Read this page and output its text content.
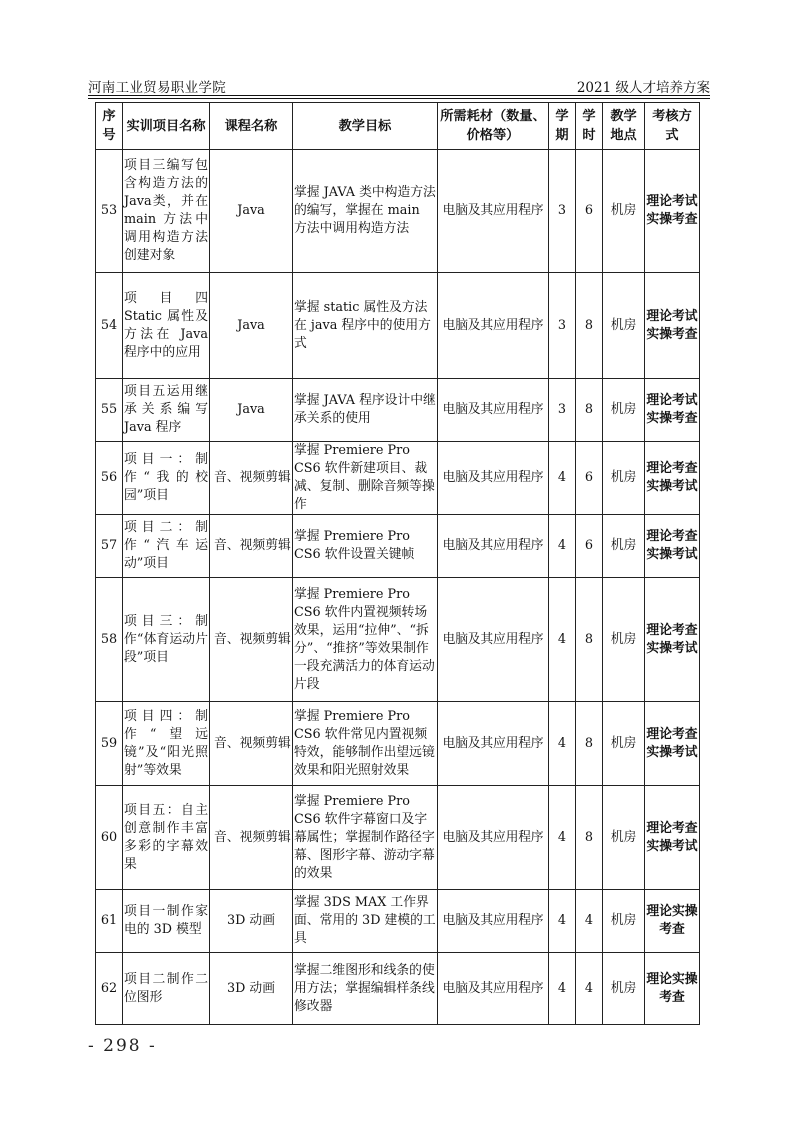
河南工业贸易职业学院	2021 级人才培养方案
序号	实训项目名称	课程名称	教学目标	所需耗材（数量、价格等）	学期	学时	教学地点	考核方式
53	项目三编写包含构造方法的Java类，并在main 方法中调用构造方法创建对象	Java	掌握 JAVA 类中构造方法的编写，掌握在 main 方法中调用构造方法	电脑及其应用程序	3	6	机房	理论考试实操考查
54	项 目 四 Static 属性及方法在 Java 程序中的应用	Java	掌握 static 属性及方法在 java 程序中的使用方式	电脑及其应用程序	3	8	机房	理论考试实操考查
55	项目五运用继承关系编写 Java 程序	Java	掌握 JAVA 程序设计中继承关系的使用	电脑及其应用程序	3	8	机房	理论考试实操考查
56	项目一：制作“我的校园”项目	音、视频剪辑	掌握 Premiere Pro CS6 软件新建项目、裁减、复制、删除音频等操作	电脑及其应用程序	4	6	机房	理论考查实操考试
57	项目二：制作“汽车运动”项目	音、视频剪辑	掌握 Premiere Pro CS6 软件设置关键帧	电脑及其应用程序	4	6	机房	理论考查实操考试
58	项目三：制作“体育运动片段”项目	音、视频剪辑	掌握 Premiere Pro CS6 软件内置视频转场效果，运用“拉伸”、“拆分”、“推挤”等效果制作一段充满活力的体育运动片段	电脑及其应用程序	4	8	机房	理论考查实操考试
59	项目四：制作“望远镜”及“阳光照射”等效果	音、视频剪辑	掌握 Premiere Pro CS6 软件常见内置视频特效，能够制作出望远镜效果和阳光照射效果	电脑及其应用程序	4	8	机房	理论考查实操考试
60	项目五：自主创意制作丰富多彩的字幕效果	音、视频剪辑	掌握 Premiere Pro CS6 软件字幕窗口及字幕属性；掌握制作路径字幕、图形字幕、游动字幕的效果	电脑及其应用程序	4	8	机房	理论考查实操考试
61	项目一制作家电的 3D 模型	3D 动画	掌握 3DS MAX 工作界面、常用的 3D 建模的工具	电脑及其应用程序	4	4	机房	理论实操考查
62	项目二制作二位图形	3D 动画	掌握二维图形和线条的使用方法；掌握编辑样条线修改器	电脑及其应用程序	4	4	机房	理论实操考查
- 298 -
